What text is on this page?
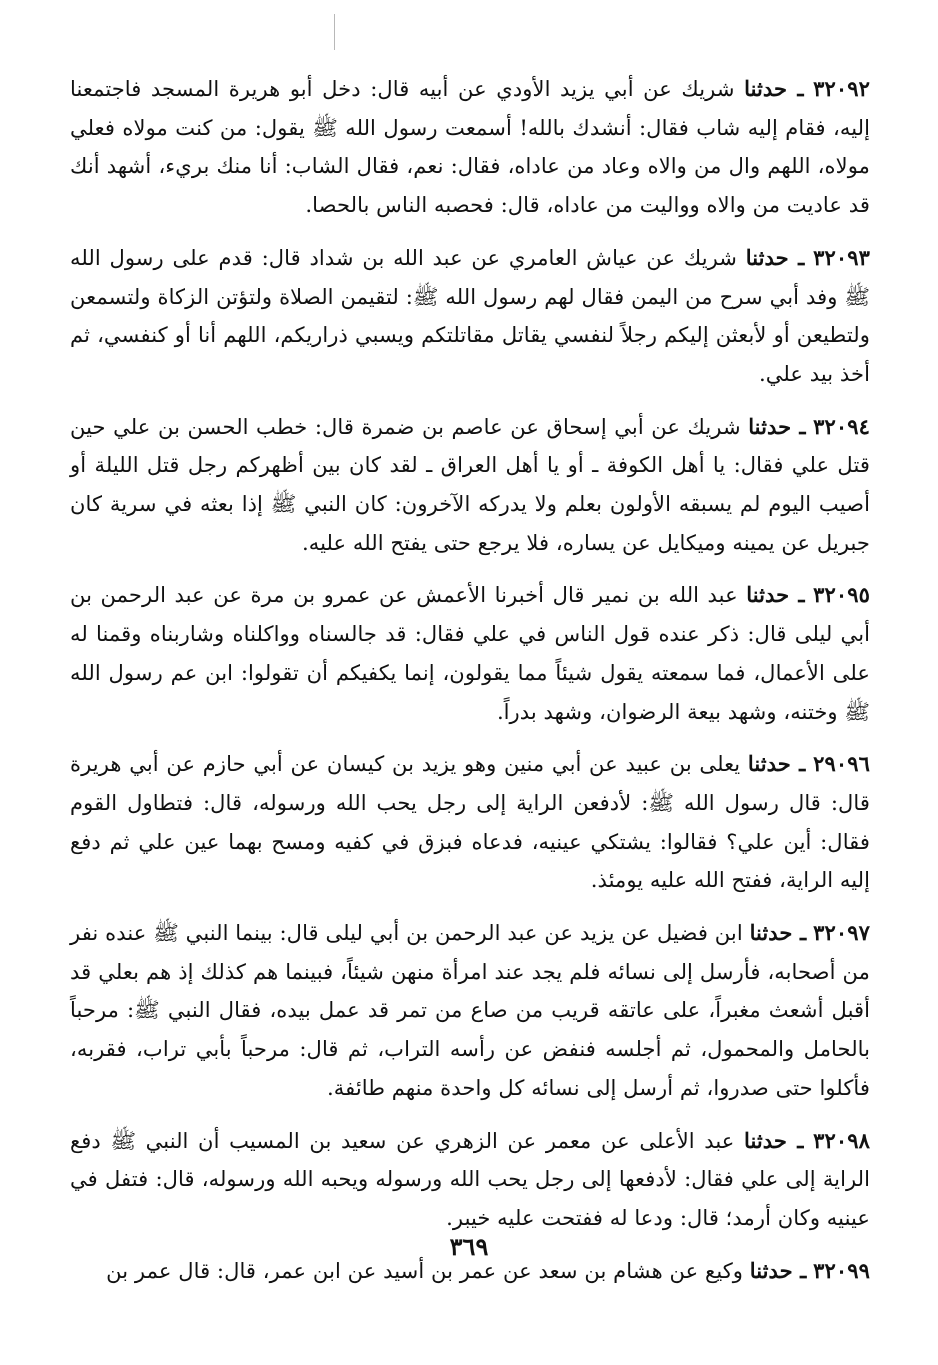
٣٢٠٩٢ ـ حدثنا شريك عن أبي يزيد الأودي عن أبيه قال: دخل أبو هريرة المسجد فاجتمعنا إليه، فقام إليه شاب فقال: أنشدك بالله! أسمعت رسول الله ﷺ يقول: من كنت مولاه فعلي مولاه، اللهم وال من والاه وعاد من عاداه، فقال: نعم، فقال الشاب: أنا منك بريء، أشهد أنك قد عاديت من والاه وواليت من عاداه، قال: فحصبه الناس بالحصا.

٣٢٠٩٣ ـ حدثنا شريك عن عياش العامري عن عبد الله بن شداد قال: قدم على رسول الله ﷺ وفد أبي سرح من اليمن فقال لهم رسول الله ﷺ: لتقيمن الصلاة ولتؤتن الزكاة ولتسمعن ولتطيعن أو لأبعثن إليكم رجلاً لنفسي يقاتل مقاتلتكم ويسبي ذراريكم، اللهم أنا أو كنفسي، ثم أخذ بيد علي.

٣٢٠٩٤ ـ حدثنا شريك عن أبي إسحاق عن عاصم بن ضمرة قال: خطب الحسن بن علي حين قتل علي فقال: يا أهل الكوفة ـ أو يا أهل العراق ـ لقد كان بين أظهركم رجل قتل الليلة أو أصيب اليوم لم يسبقه الأولون بعلم ولا يدركه الآخرون: كان النبي ﷺ إذا بعثه في سرية كان جبريل عن يمينه وميكايل عن يساره، فلا يرجع حتى يفتح الله عليه.

٣٢٠٩٥ ـ حدثنا عبد الله بن نمير قال أخبرنا الأعمش عن عمرو بن مرة عن عبد الرحمن بن أبي ليلى قال: ذكر عنده قول الناس في علي فقال: قد جالسناه وواكلناه وشاربناه وقمنا له على الأعمال، فما سمعته يقول شيئاً مما يقولون، إنما يكفيكم أن تقولوا: ابن عم رسول الله ﷺ وختنه، وشهد بيعة الرضوان، وشهد بدراً.

٢٩٠٩٦ ـ حدثنا يعلى بن عبيد عن أبي منين وهو يزيد بن كيسان عن أبي حازم عن أبي هريرة قال: قال رسول الله ﷺ: لأدفعن الراية إلى رجل يحب الله ورسوله، قال: فتطاول القوم فقال: أين علي؟ فقالوا: يشتكي عينيه، فدعاه فبزق في كفيه ومسح بهما عين علي ثم دفع إليه الراية، ففتح الله عليه يومئذ.

٣٢٠٩٧ ـ حدثنا ابن فضيل عن يزيد عن عبد الرحمن بن أبي ليلى قال: بينما النبي ﷺ عنده نفر من أصحابه، فأرسل إلى نسائه فلم يجد عند امرأة منهن شيئاً، فبينما هم كذلك إذ هم بعلي قد أقبل أشعث مغبراً، على عاتقه قريب من صاع من تمر قد عمل بيده، فقال النبي ﷺ: مرحباً بالحامل والمحمول، ثم أجلسه فنفض عن رأسه التراب، ثم قال: مرحباً بأبي تراب، فقربه، فأكلوا حتى صدروا، ثم أرسل إلى نسائه كل واحدة منهم طائفة.

٣٢٠٩٨ ـ حدثنا عبد الأعلى عن معمر عن الزهري عن سعيد بن المسيب أن النبي ﷺ دفع الراية إلى علي فقال: لأدفعها إلى رجل يحب الله ورسوله ويحبه الله ورسوله، قال: فتفل في عينيه وكان أرمد؛ قال: ودعا له ففتحت عليه خيبر.

٣٢٠٩٩ ـ حدثنا وكيع عن هشام بن سعد عن عمر بن أسيد عن ابن عمر، قال: قال عمر بن

٣٦٩
